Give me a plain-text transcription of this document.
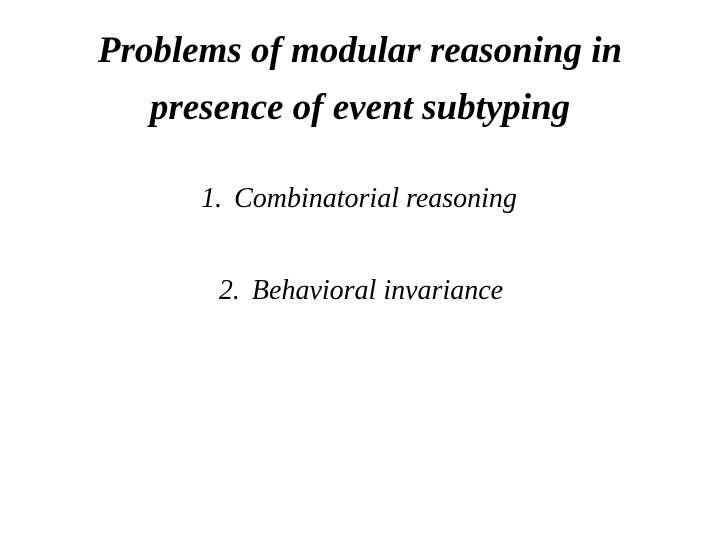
Problems of modular reasoning in
presence of event subtyping
1. Combinatorial reasoning
2. Behavioral invariance
